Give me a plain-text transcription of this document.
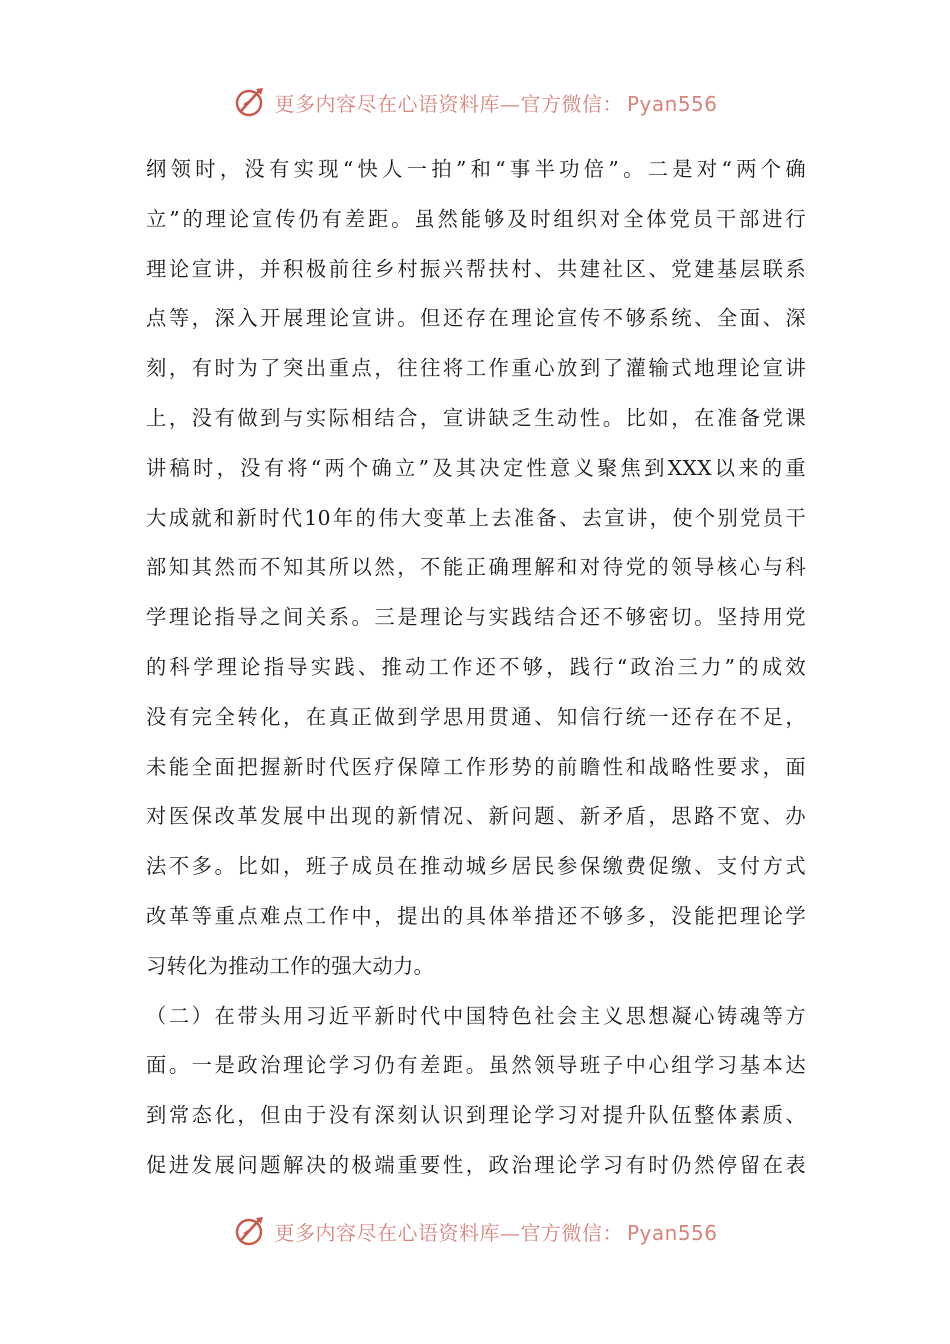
更多内容尽在心语资料库—官方微信： Pyan556
纲领时，没有实现“快人一拍”和“事半功倍”。二是对“两个确
立”的理论宣传仍有差距。虽然能够及时组织对全体党员干部进行
理论宣讲，并积极前往乡村振兴帮扶村、共建社区、党建基层联系
点等，深入开展理论宣讲。但还存在理论宣传不够系统、全面、深
刻，有时为了突出重点，往往将工作重心放到了灌输式地理论宣讲
上，没有做到与实际相结合，宣讲缺乏生动性。比如，在准备党课
讲稿时，没有将“两个确立”及其决定性意义聚焦到XXX以来的重
大成就和新时代10年的伟大变革上去准备、去宣讲，使个别党员干
部知其然而不知其所以然，不能正确理解和对待党的领导核心与科
学理论指导之间关系。三是理论与实践结合还不够密切。坚持用党
的科学理论指导实践、推动工作还不够，践行“政治三力”的成效
没有完全转化，在真正做到学思用贯通、知信行统一还存在不足，
未能全面把握新时代医疗保障工作形势的前瞻性和战略性要求，面
对医保改革发展中出现的新情况、新问题、新矛盾，思路不宽、办
法不多。比如，班子成员在推动城乡居民参保缴费促缴、支付方式
改革等重点难点工作中，提出的具体举措还不够多，没能把理论学
习转化为推动工作的强大动力。
（二）在带头用习近平新时代中国特色社会主义思想凝心铸魂等方
面。一是政治理论学习仍有差距。虽然领导班子中心组学习基本达
到常态化，但由于没有深刻认识到理论学习对提升队伍整体素质、
促进发展问题解决的极端重要性，政治理论学习有时仍然停留在表
更多内容尽在心语资料库—官方微信： Pyan556
